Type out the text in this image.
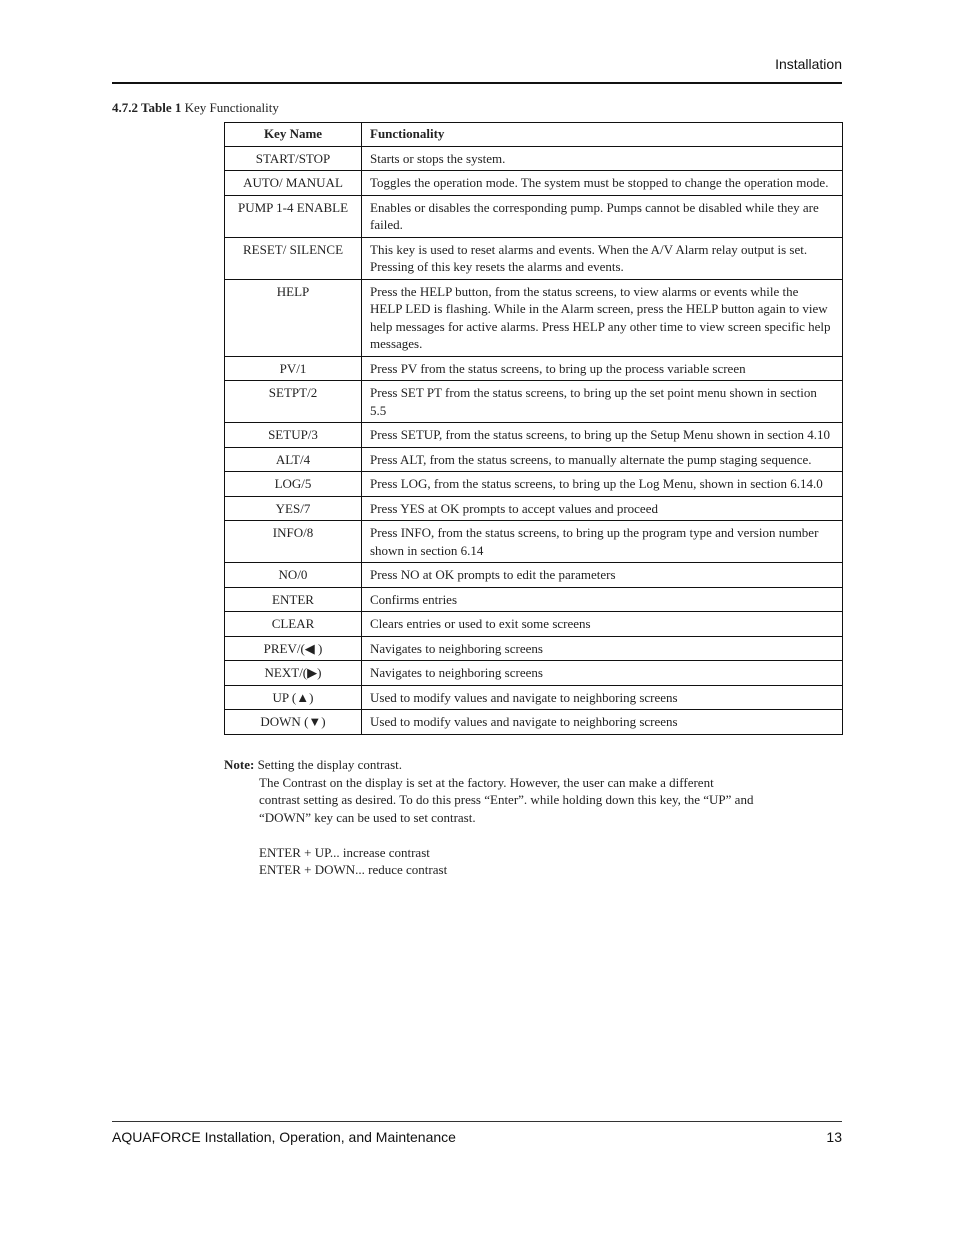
Installation
4.7.2 Table 1 Key Functionality
Key Name	Functionality
START/STOP	Starts or stops the system.
AUTO/ MANUAL	Toggles the operation mode. The system must be stopped to change the operation mode.
PUMP 1-4 ENABLE	Enables or disables the corresponding pump. Pumps cannot be disabled while they are failed.
RESET/ SILENCE	This key is used to reset alarms and events. When the A/V Alarm relay output is set. Pressing of this key resets the alarms and events.
HELP	Press the HELP button, from the status screens, to view alarms or events while the HELP LED is flashing. While in the Alarm screen, press the HELP button again to view help messages for active alarms. Press HELP any other time to view screen specific help messages.
PV/1	Press PV from the status screens, to bring up the process variable screen
SETPT/2	Press SET PT from the status screens, to bring up the set point menu shown in section 5.5
SETUP/3	Press SETUP, from the status screens, to bring up the Setup Menu shown in section 4.10
ALT/4	Press ALT, from the status screens, to manually alternate the pump staging sequence.
LOG/5	Press LOG, from the status screens, to bring up the Log Menu, shown in section 6.14.0
YES/7	Press YES at OK prompts to accept values and proceed
INFO/8	Press INFO, from the status screens, to bring up the program type and version number shown in section 6.14
NO/0	Press NO at OK prompts to edit the parameters
ENTER	Confirms entries
CLEAR	Clears entries or used to exit some screens
PREV/(◀ )	Navigates to neighboring screens
NEXT/(▶)	Navigates to neighboring screens
UP (▲)	Used to modify values and navigate to neighboring screens
DOWN (▼)	Used to modify values and navigate to neighboring screens
Note: Setting the display contrast.
The Contrast on the display is set at the factory. However, the user can make a different
contrast setting as desired. To do this press “Enter”. while holding down this key, the “UP” and
“DOWN” key can be used to set contrast.
ENTER + UP... increase contrast
ENTER + DOWN... reduce contrast
AQUAFORCE Installation, Operation, and Maintenance	13
